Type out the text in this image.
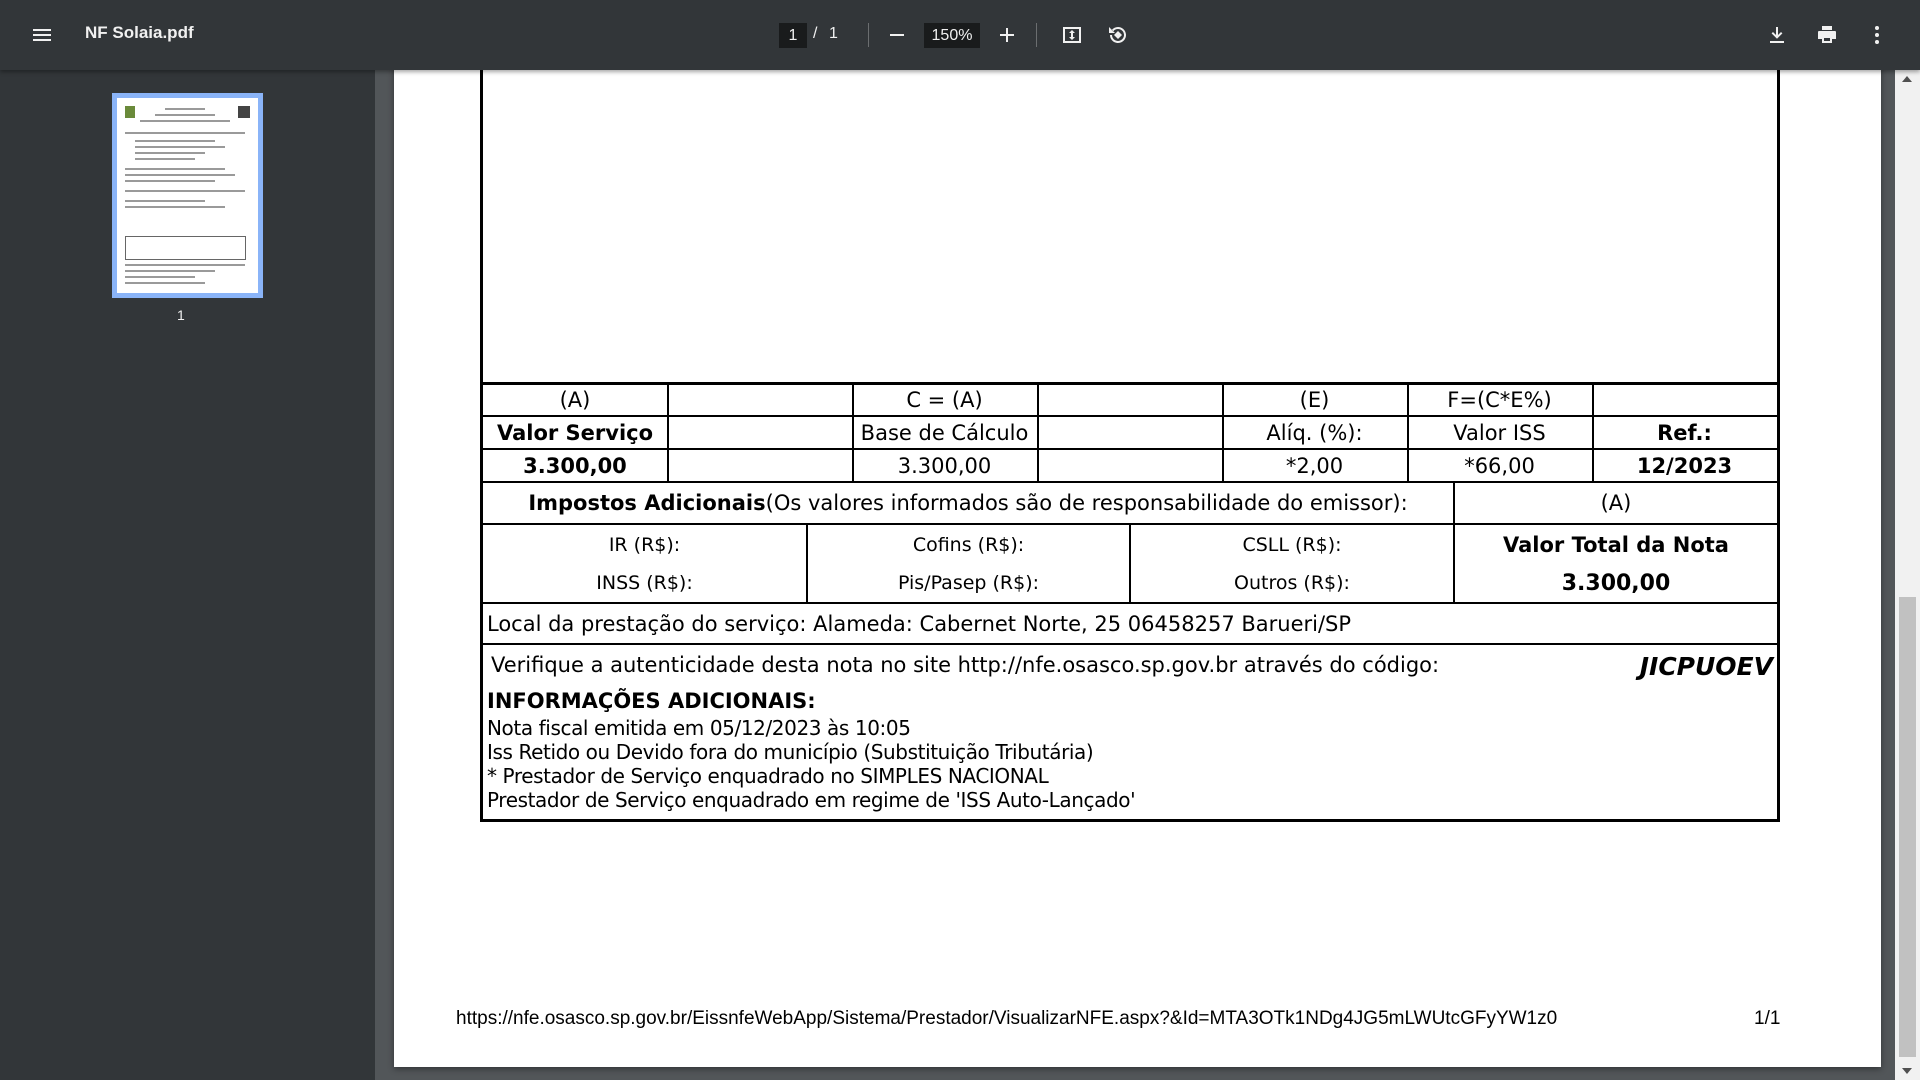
NF Solaia.pdf	1 / 1	150%
1
(A)	C = (A)	(E)	F=(C*E%)
Valor Serviço	Base de Cálculo	Alíq. (%):	Valor ISS	Ref.:
3.300,00	3.300,00	*2,00	*66,00	12/2023
Impostos Adicionais (Os valores informados são de responsabilidade do emissor):	(A)
IR (R$):	Cofins (R$):	CSLL (R$):	Valor Total da Nota
INSS (R$):	Pis/Pasep (R$):	Outros (R$):	3.300,00
Local da prestação do serviço: Alameda: Cabernet Norte, 25 06458257 Barueri/SP
Verifique a autenticidade desta nota no site http://nfe.osasco.sp.gov.br através do código:	JICPUOEV
INFORMAÇÕES ADICIONAIS:
Nota fiscal emitida em 05/12/2023 às 10:05
Iss Retido ou Devido fora do município (Substituição Tributária)
* Prestador de Serviço enquadrado no SIMPLES NACIONAL
Prestador de Serviço enquadrado em regime de 'ISS Auto-Lançado'
https://nfe.osasco.sp.gov.br/EissnfeWebApp/Sistema/Prestador/VisualizarNFE.aspx?&Id=MTA3OTk1NDg4JG5mLWUtcGFyYW1z0	1/1
